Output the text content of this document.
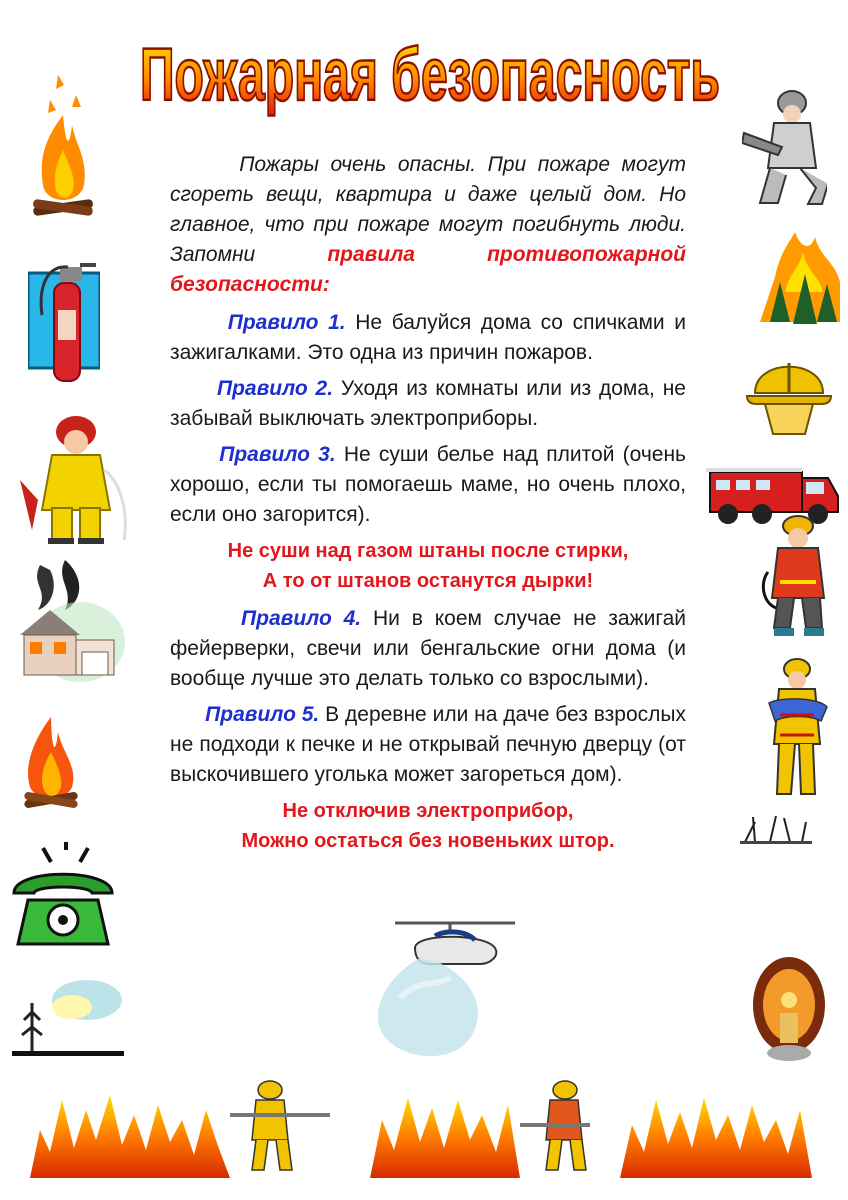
Пожарная безопасность

Пожары очень опасны. При пожаре могут сгореть вещи, квартира и даже целый дом. Но главное, что при пожаре могут погибнуть люди. Запомни правила противопожарной безопасности:

Правило 1. Не балуйся дома со спичками и зажигалками. Это одна из причин пожаров.

Правило 2. Уходя из комнаты или из дома, не забывай выключать электроприборы.

Правило 3. Не суши белье над плитой (очень хорошо, если ты помогаешь маме, но очень плохо, если оно загорится).

Не суши над газом штаны после стирки,
А то от штанов останутся дырки!

Правило 4. Ни в коем случае не зажигай фейерверки, свечи или бенгальские огни дома (и вообще лучше это делать только со взрослыми).

Правило 5. В деревне или на даче без взрослых не подходи к печке и не открывай печную дверцу (от выскочившего уголька может загореться дом).

Не отключив электроприбор,
Можно остаться без новеньких штор.
